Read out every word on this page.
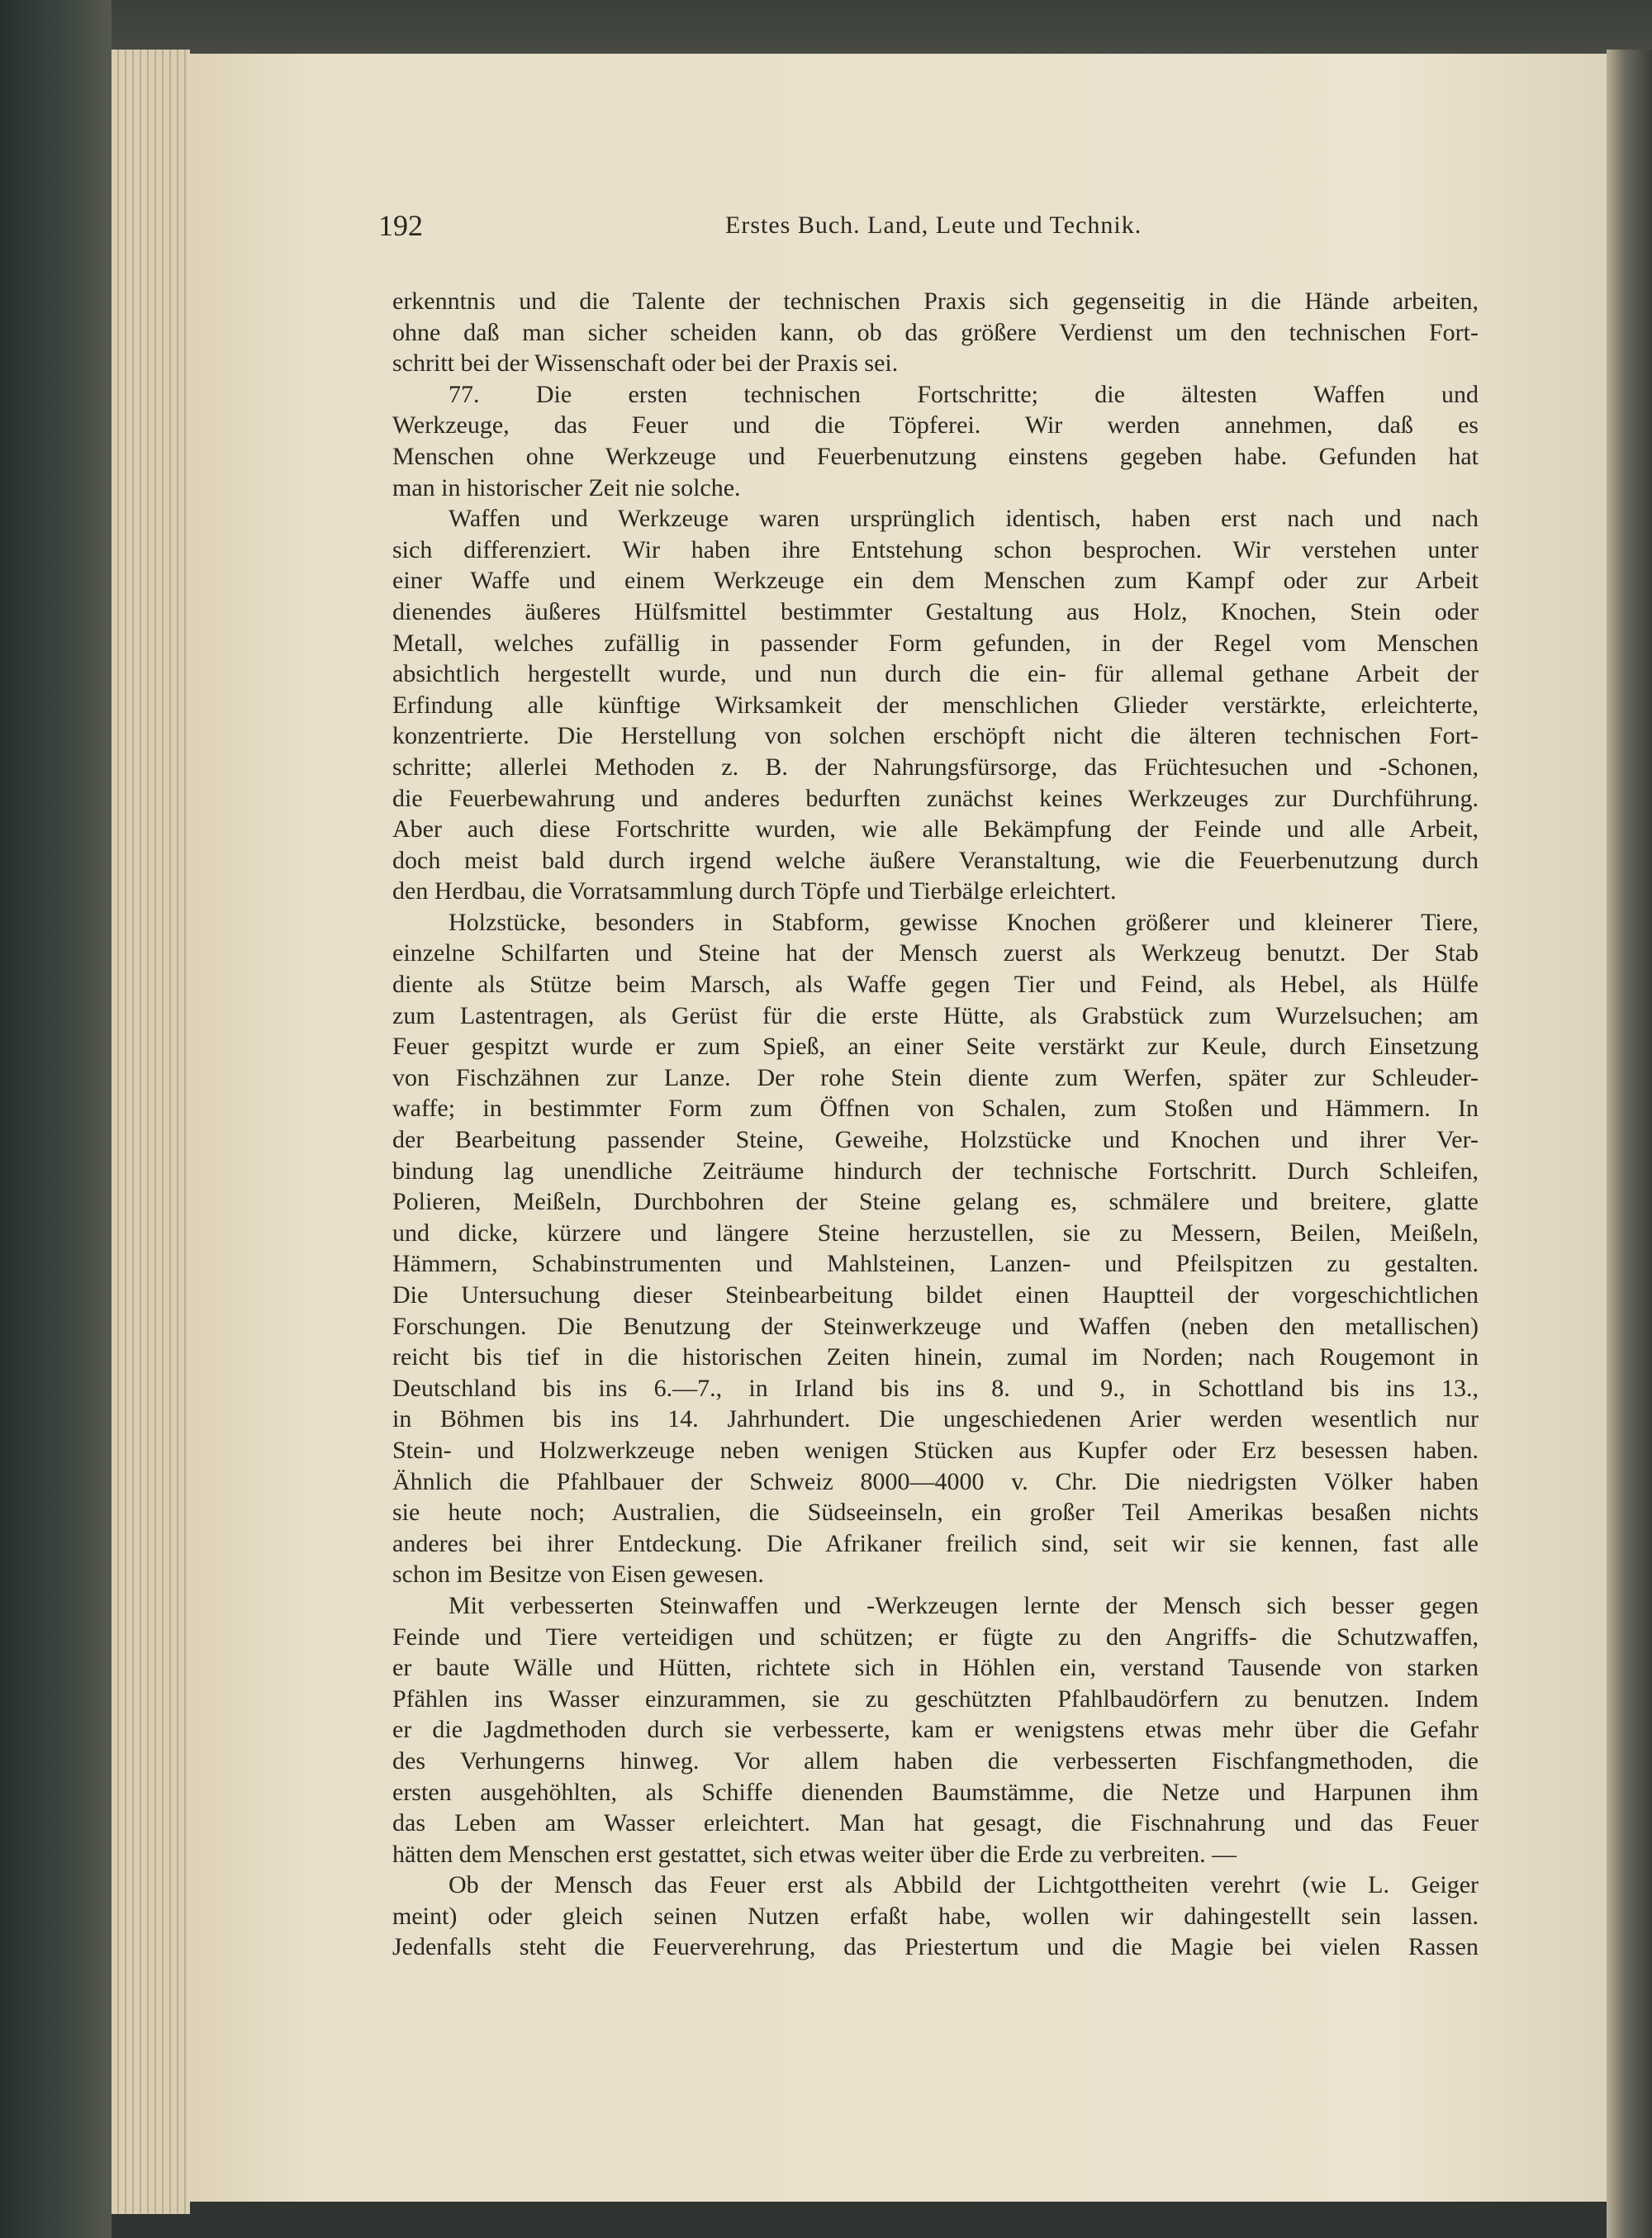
192	Erstes Buch. Land, Leute und Technik.
erkenntnis und die Talente der technischen Praxis sich gegenseitig in die Hände arbeiten,
ohne daß man sicher scheiden kann, ob das größere Verdienst um den technischen Fort-
schritt bei der Wissenschaft oder bei der Praxis sei.
77. Die ersten technischen Fortschritte; die ältesten Waffen und
Werkzeuge, das Feuer und die Töpferei. Wir werden annehmen, daß es
Menschen ohne Werkzeuge und Feuerbenutzung einstens gegeben habe. Gefunden hat
man in historischer Zeit nie solche.
Waffen und Werkzeuge waren ursprünglich identisch, haben erst nach und nach
sich differenziert. Wir haben ihre Entstehung schon besprochen. Wir verstehen unter
einer Waffe und einem Werkzeuge ein dem Menschen zum Kampf oder zur Arbeit
dienendes äußeres Hülfsmittel bestimmter Gestaltung aus Holz, Knochen, Stein oder
Metall, welches zufällig in passender Form gefunden, in der Regel vom Menschen
absichtlich hergestellt wurde, und nun durch die ein- für allemal gethane Arbeit der
Erfindung alle künftige Wirksamkeit der menschlichen Glieder verstärkte, erleichterte,
konzentrierte. Die Herstellung von solchen erschöpft nicht die älteren technischen Fort-
schritte; allerlei Methoden z. B. der Nahrungsfürsorge, das Früchtesuchen und -Schonen,
die Feuerbewahrung und anderes bedurften zunächst keines Werkzeuges zur Durchführung.
Aber auch diese Fortschritte wurden, wie alle Bekämpfung der Feinde und alle Arbeit,
doch meist bald durch irgend welche äußere Veranstaltung, wie die Feuerbenutzung durch
den Herdbau, die Vorratsammlung durch Töpfe und Tierbälge erleichtert.
Holzstücke, besonders in Stabform, gewisse Knochen größerer und kleinerer Tiere,
einzelne Schilfarten und Steine hat der Mensch zuerst als Werkzeug benutzt. Der Stab
diente als Stütze beim Marsch, als Waffe gegen Tier und Feind, als Hebel, als Hülfe
zum Lastentragen, als Gerüst für die erste Hütte, als Grabstück zum Wurzelsuchen; am
Feuer gespitzt wurde er zum Spieß, an einer Seite verstärkt zur Keule, durch Einsetzung
von Fischzähnen zur Lanze. Der rohe Stein diente zum Werfen, später zur Schleuder-
waffe; in bestimmter Form zum Öffnen von Schalen, zum Stoßen und Hämmern. In
der Bearbeitung passender Steine, Geweihe, Holzstücke und Knochen und ihrer Ver-
bindung lag unendliche Zeiträume hindurch der technische Fortschritt. Durch Schleifen,
Polieren, Meißeln, Durchbohren der Steine gelang es, schmälere und breitere, glatte
und dicke, kürzere und längere Steine herzustellen, sie zu Messern, Beilen, Meißeln,
Hämmern, Schabinstrumenten und Mahlsteinen, Lanzen- und Pfeilspitzen zu gestalten.
Die Untersuchung dieser Steinbearbeitung bildet einen Hauptteil der vorgeschichtlichen
Forschungen. Die Benutzung der Steinwerkzeuge und Waffen (neben den metallischen)
reicht bis tief in die historischen Zeiten hinein, zumal im Norden; nach Rougemont in
Deutschland bis ins 6.—7., in Irland bis ins 8. und 9., in Schottland bis ins 13.,
in Böhmen bis ins 14. Jahrhundert. Die ungeschiedenen Arier werden wesentlich nur
Stein- und Holzwerkzeuge neben wenigen Stücken aus Kupfer oder Erz besessen haben.
Ähnlich die Pfahlbauer der Schweiz 8000—4000 v. Chr. Die niedrigsten Völker haben
sie heute noch; Australien, die Südseeinseln, ein großer Teil Amerikas besaßen nichts
anderes bei ihrer Entdeckung. Die Afrikaner freilich sind, seit wir sie kennen, fast alle
schon im Besitze von Eisen gewesen.
Mit verbesserten Steinwaffen und -Werkzeugen lernte der Mensch sich besser gegen
Feinde und Tiere verteidigen und schützen; er fügte zu den Angriffs- die Schutzwaffen,
er baute Wälle und Hütten, richtete sich in Höhlen ein, verstand Tausende von starken
Pfählen ins Wasser einzurammen, sie zu geschützten Pfahlbaudörfern zu benutzen. Indem
er die Jagdmethoden durch sie verbesserte, kam er wenigstens etwas mehr über die Gefahr
des Verhungerns hinweg. Vor allem haben die verbesserten Fischfangmethoden, die
ersten ausgehöhlten, als Schiffe dienenden Baumstämme, die Netze und Harpunen ihm
das Leben am Wasser erleichtert. Man hat gesagt, die Fischnahrung und das Feuer
hätten dem Menschen erst gestattet, sich etwas weiter über die Erde zu verbreiten. —
Ob der Mensch das Feuer erst als Abbild der Lichtgottheiten verehrt (wie L. Geiger
meint) oder gleich seinen Nutzen erfaßt habe, wollen wir dahingestellt sein lassen.
Jedenfalls steht die Feuerverehrung, das Priestertum und die Magie bei vielen Rassen
